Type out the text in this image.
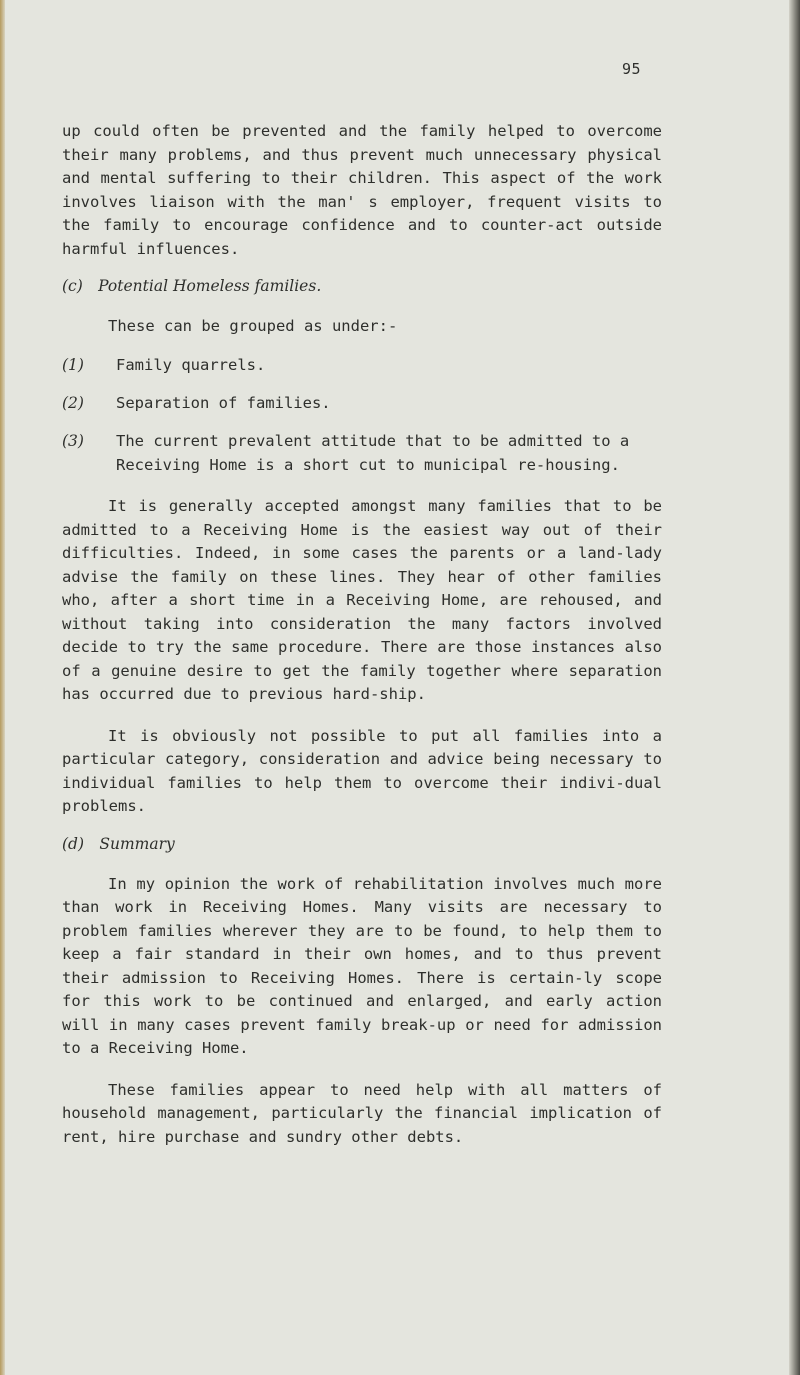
95

up could often be prevented and the family helped to overcome their many problems, and thus prevent much unnecessary physical and mental suffering to their children. This aspect of the work involves liaison with the man' s employer, frequent visits to the family to encourage confidence and to counter-act outside harmful influences.

(c) Potential Homeless families.

These can be grouped as under:-

(1)	Family quarrels.
(2)	Separation of families.
(3)	The current prevalent attitude that to be admitted to a Receiving Home is a short cut to municipal re-housing.

It is generally accepted amongst many families that to be admitted to a Receiving Home is the easiest way out of their difficulties. Indeed, in some cases the parents or a land-lady advise the family on these lines. They hear of other families who, after a short time in a Receiving Home, are rehoused, and without taking into consideration the many factors involved decide to try the same procedure. There are those instances also of a genuine desire to get the family together where separation has occurred due to previous hard-ship.

It is obviously not possible to put all families into a particular category, consideration and advice being necessary to individual families to help them to overcome their indivi-dual problems.

(d) Summary

In my opinion the work of rehabilitation involves much more than work in Receiving Homes. Many visits are necessary to problem families wherever they are to be found, to help them to keep a fair standard in their own homes, and to thus prevent their admission to Receiving Homes. There is certain-ly scope for this work to be continued and enlarged, and early action will in many cases prevent family break-up or need for admission to a Receiving Home.

These families appear to need help with all matters of household management, particularly the financial implication of rent, hire purchase and sundry other debts.
